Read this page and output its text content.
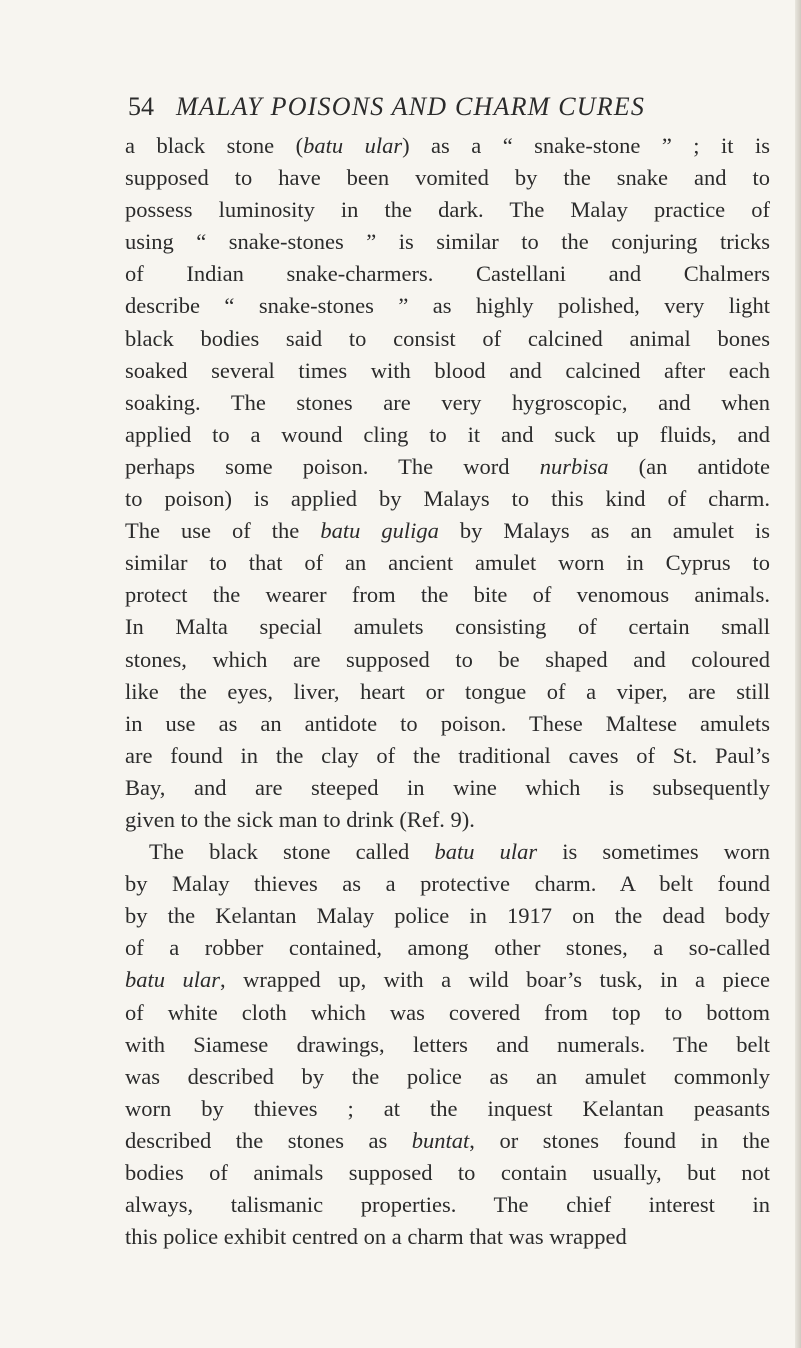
54 MALAY POISONS AND CHARM CURES
a black stone (batu ular) as a “ snake-stone ” ; it is
supposed to have been vomited by the snake and to
possess luminosity in the dark. The Malay practice of
using “ snake-stones ” is similar to the conjuring tricks
of Indian snake-charmers. Castellani and Chalmers
describe “ snake-stones ” as highly polished, very light
black bodies said to consist of calcined animal bones
soaked several times with blood and calcined after each
soaking. The stones are very hygroscopic, and when
applied to a wound cling to it and suck up fluids, and
perhaps some poison. The word nurbisa (an antidote
to poison) is applied by Malays to this kind of charm.
The use of the batu guliga by Malays as an amulet is
similar to that of an ancient amulet worn in Cyprus to
protect the wearer from the bite of venomous animals.
In Malta special amulets consisting of certain small
stones, which are supposed to be shaped and coloured
like the eyes, liver, heart or tongue of a viper, are still
in use as an antidote to poison. These Maltese amulets
are found in the clay of the traditional caves of St. Paul’s
Bay, and are steeped in wine which is subsequently
given to the sick man to drink (Ref. 9).
The black stone called batu ular is sometimes worn
by Malay thieves as a protective charm. A belt found
by the Kelantan Malay police in 1917 on the dead body
of a robber contained, among other stones, a so-called
batu ular, wrapped up, with a wild boar’s tusk, in a piece
of white cloth which was covered from top to bottom
with Siamese drawings, letters and numerals. The belt
was described by the police as an amulet commonly
worn by thieves ; at the inquest Kelantan peasants
described the stones as buntat, or stones found in the
bodies of animals supposed to contain usually, but not
always, talismanic properties. The chief interest in
this police exhibit centred on a charm that was wrapped
